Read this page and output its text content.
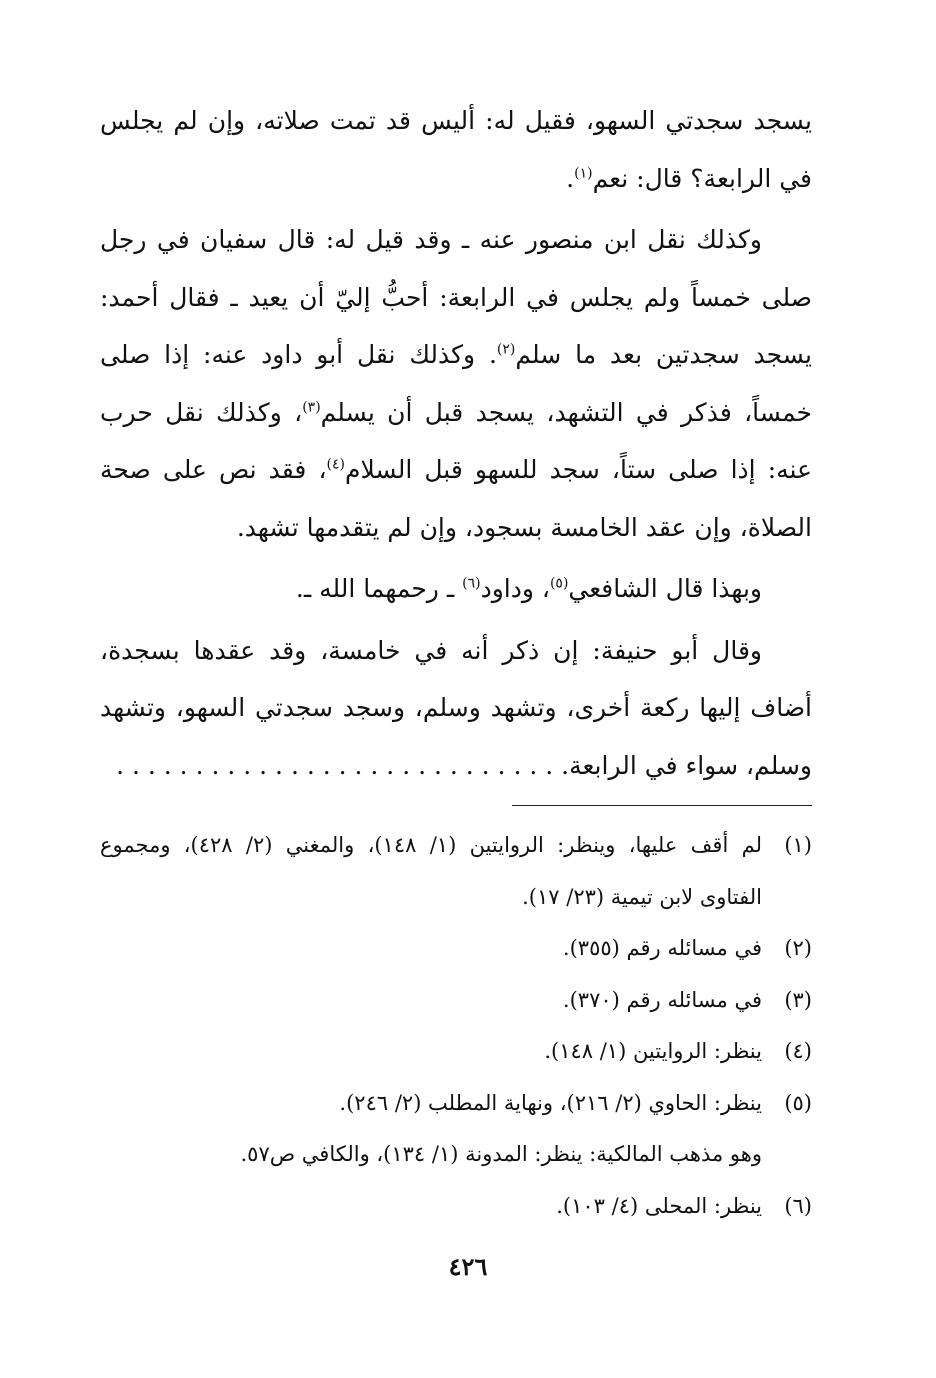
يسجد سجدتي السهو، فقيل له: أليس قد تمت صلاته، وإن لم يجلس في الرابعة؟ قال: نعم$^{(١)}$.

وكذلك نقل ابن منصور عنه ـ وقد قيل له: قال سفيان في رجل صلى خمساً ولم يجلس في الرابعة: أحبُّ إليّ أن يعيد ـ فقال أحمد: يسجد سجدتين بعد ما سلم$^{(٢)}$. وكذلك نقل أبو داود عنه: إذا صلى خمساً، فذكر في التشهد، يسجد قبل أن يسلم$^{(٣)}$، وكذلك نقل حرب عنه: إذا صلى ستاً، سجد للسهو قبل السلام$^{(٤)}$، فقد نص على صحة الصلاة، وإن عقد الخامسة بسجود، وإن لم يتقدمها تشهد.

وبهذا قال الشافعي$^{(٥)}$، وداود$^{(٦)}$ ـ رحمهما الله ـ.

وقال أبو حنيفة: إن ذكر أنه في خامسة، وقد عقدها بسجدة، أضاف إليها ركعة أخرى، وتشهد وسلم، وسجد سجدتي السهو، وتشهد وسلم، سواء في الرابعة. . . . . . . . . . . . . . . . . . . . . . . . . . . . .

(١)
لم أقف عليها، وينظر: الروايتين (١/ ١٤٨)، والمغني (٢/ ٤٢٨)، ومجموع الفتاوى لابن تيمية (٢٣/ ١٧).
(٢)
في مسائله رقم (٣٥٥).
(٣)
في مسائله رقم (٣٧٠).
(٤)
ينظر: الروايتين (١/ ١٤٨).
(٥)
ينظر: الحاوي (٢/ ٢١٦)، ونهاية المطلب (٢/ ٢٤٦).

وهو مذهب المالكية: ينظر: المدونة (١/ ١٣٤)، والكافي ص٥٧.

(٦)
ينظر: المحلى (٤/ ١٠٣).
٤٢٦
